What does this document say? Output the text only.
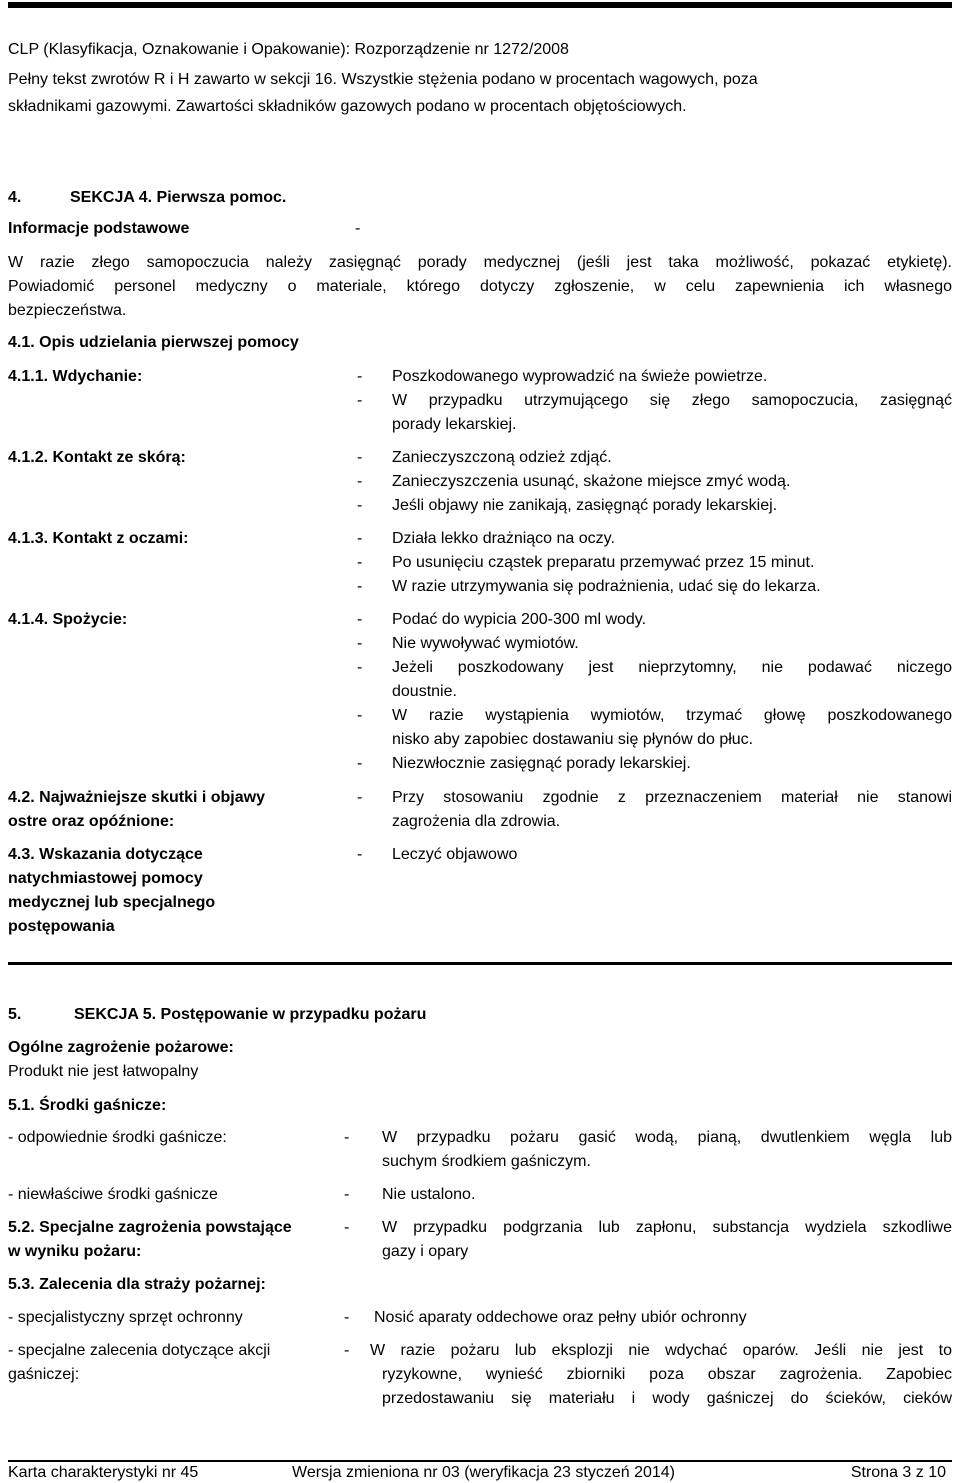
CLP (Klasyfikacja, Oznakowanie i Opakowanie): Rozporządzenie nr 1272/2008
Pełny tekst zwrotów R i H zawarto w sekcji 16. Wszystkie stężenia podano w procentach wagowych, poza
składnikami gazowymi. Zawartości składników gazowych podano w procentach objętościowych.
4.	SEKCJA 4. Pierwsza pomoc.
Informacje podstawowe	-
W razie złego samopoczucia należy zasięgnąć porady medycznej (jeśli jest taka możliwość, pokazać etykietę).
Powiadomić personel medyczny o materiale, którego dotyczy zgłoszenie, w celu zapewnienia ich własnego
bezpieczeństwa.
4.1. Opis udzielania pierwszej pomocy
4.1.1. Wdychanie:	- Poszkodowanego wyprowadzić na świeże powietrze.
- W przypadku utrzymującego się złego samopoczucia, zasięgnąć
porady lekarskiej.
4.1.2. Kontakt ze skórą:	- Zanieczyszczoną odzież zdjąć.
- Zanieczyszczenia usunąć, skażone miejsce zmyć wodą.
- Jeśli objawy nie zanikają, zasięgnąć porady lekarskiej.
4.1.3. Kontakt z oczami:	- Działa lekko drażniąco na oczy.
- Po usunięciu cząstek preparatu przemywać przez 15 minut.
- W razie utrzymywania się podrażnienia, udać się do lekarza.
4.1.4. Spożycie:	- Podać do wypicia 200-300 ml wody.
- Nie wywoływać wymiotów.
- Jeżeli poszkodowany jest nieprzytomny, nie podawać niczego
doustnie.
- W razie wystąpienia wymiotów, trzymać głowę poszkodowanego
nisko aby zapobiec dostawaniu się płynów do płuc.
- Niezwłocznie zasięgnąć porady lekarskiej.
4.2. Najważniejsze skutki i objawy
ostre oraz opóźnione:
- Przy stosowaniu zgodnie z przeznaczeniem materiał nie stanowi
zagrożenia dla zdrowia.
4.3. Wskazania dotyczące
natychmiastowej pomocy
medycznej lub specjalnego
postępowania
- Leczyć objawowo
5.	SEKCJA 5. Postępowanie w przypadku pożaru
Ogólne zagrożenie pożarowe:
Produkt nie jest łatwopalny
5.1. Środki gaśnicze:
- odpowiednie środki gaśnicze:	- W przypadku pożaru gasić wodą, pianą, dwutlenkiem węgla lub
suchym środkiem gaśniczym.
- niewłaściwe środki gaśnicze	- Nie ustalono.
5.2. Specjalne zagrożenia powstające
w wyniku pożaru:
- W przypadku podgrzania lub zapłonu, substancja wydziela szkodliwe
gazy i opary
5.3. Zalecenia dla straży pożarnej:
- specjalistyczny sprzęt ochronny	- Nosić aparaty oddechowe oraz pełny ubiór ochronny
- specjalne zalecenia dotyczące akcji
gaśniczej:
- W razie pożaru lub eksplozji nie wdychać oparów. Jeśli nie jest to
ryzykowne, wynieść zbiorniki poza obszar zagrożenia. Zapobiec
przedostawaniu się materiału i wody gaśniczej do ścieków, cieków
Karta charakterystyki nr 45	Wersja zmieniona nr 03 (weryfikacja 23 styczeń 2014)	Strona 3 z 10
